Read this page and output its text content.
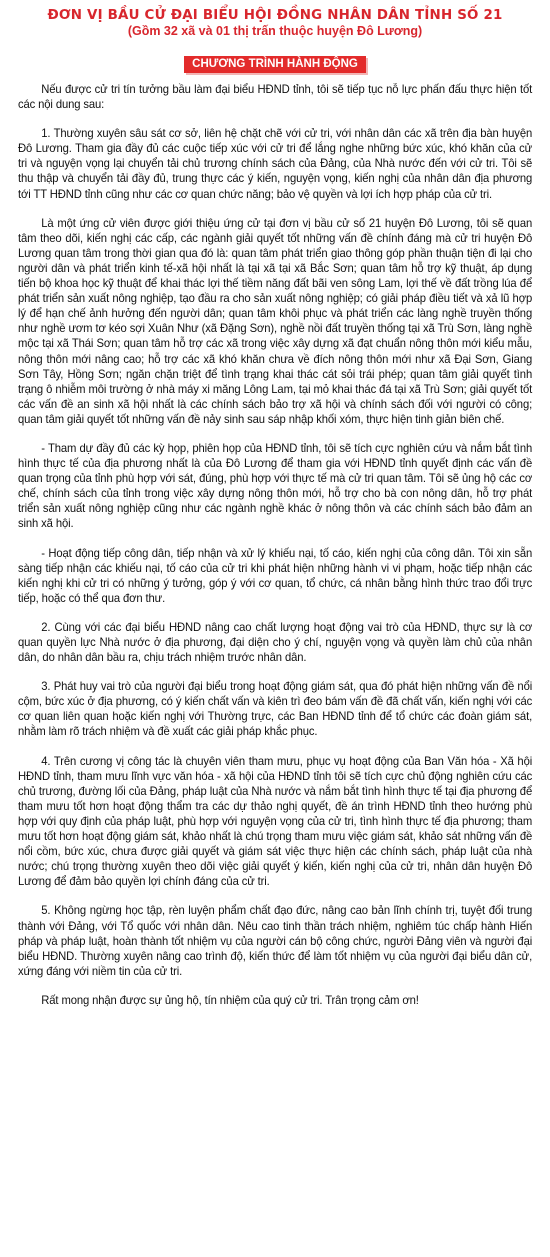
ĐƠN VỊ BẦU CỬ ĐẠI BIỂU HỘI ĐỒNG NHÂN DÂN TỈNH SỐ 21
(Gồm 32 xã và 01 thị trấn thuộc huyện Đô Lương)
CHƯƠNG TRÌNH HÀNH ĐỘNG

Nếu được cử tri tín tưởng bầu làm đại biểu HĐND tỉnh, tôi sẽ tiếp tục nỗ lực phấn đấu thực hiện tốt các nội dung sau:

1. Thường xuyên sâu sát cơ sở, liên hệ chặt chẽ với cử tri, với nhân dân các xã trên địa bàn huyện Đô Lương. Tham gia đầy đủ các cuộc tiếp xúc với cử tri để lắng nghe những bức xúc, khó khăn của cử tri và nguyện vọng lại chuyển tải chủ trương chính sách của Đảng, của Nhà nước đến với cử tri. Tôi sẽ thu thập và chuyển tải đầy đủ, trung thực các ý kiến, nguyện vọng, kiến nghị của nhân dân địa phương tới TT HĐND tỉnh cũng như các cơ quan chức năng; bảo vệ quyền và lợi ích hợp pháp của cử tri.

Là một ứng cử viên được giới thiệu ứng cử tại đơn vị bầu cử số 21 huyện Đô Lương, tôi sẽ quan tâm theo dõi, kiến nghị các cấp, các ngành giải quyết tốt những vấn đề chính đáng mà cử tri huyện Đô Lương quan tâm trong thời gian qua đó là: quan tâm phát triển giao thông góp phần thuận tiện đi lại cho người dân và phát triển kinh tế-xã hội nhất là tại xã tại xã Bắc Sơn; quan tâm hỗ trợ kỹ thuật, áp dụng tiến bộ khoa học kỹ thuật để khai thác lợi thế tiềm năng đất bãi ven sông Lam, lợi thế về đất trồng lúa để phát triển sản xuất nông nghiệp, tạo đầu ra cho sản xuất nông nghiệp; có giải pháp điều tiết và xả lũ hợp lý để hạn chế ảnh hưởng đến người dân; quan tâm khôi phục và phát triển các làng nghề truyền thống như nghề ươm tơ kéo sợi Xuân Như (xã Đặng Sơn), nghề nồi đất truyền thống tại xã Trù Sơn, làng nghề mộc tại xã Thái Sơn; quan tâm hỗ trợ các xã trong việc xây dựng xã đạt chuẩn nông thôn mới kiểu mẫu, nông thôn mới nâng cao; hỗ trợ các xã khó khăn chưa về đích nông thôn mới như xã Đại Sơn, Giang Sơn Tây, Hồng Sơn; ngăn chặn triệt để tình trạng khai thác cát sỏi trái phép; quan tâm giải quyết tình trạng ô nhiễm môi trường ở nhà máy xi măng Lông Lam, tại mỏ khai thác đá tại xã Trù Sơn; giải quyết tốt các vấn đề an sinh xã hội nhất là các chính sách bảo trợ xã hội và chính sách đối với người có công; quan tâm giải quyết tốt những vấn đề nảy sinh sau sáp nhập khối xóm, thực hiện tinh giản biên chế.

- Tham dự đầy đủ các kỳ họp, phiên họp của HĐND tỉnh, tôi sẽ tích cực nghiên cứu và nắm bắt tình hình thực tế của địa phương nhất là của Đô Lương để tham gia với HĐND tỉnh quyết định các vấn đề quan trọng của tỉnh phù hợp với sát, đúng, phù hợp với thực tế mà cử tri quan tâm. Tôi sẽ ủng hộ các cơ chế, chính sách của tỉnh trong việc xây dựng nông thôn mới, hỗ trợ cho bà con nông dân, hỗ trợ phát triển sản xuất nông nghiệp cũng như các ngành nghề khác ở nông thôn và các chính sách bảo đảm an sinh xã hội.

- Hoạt động tiếp công dân, tiếp nhận và xử lý khiếu nại, tố cáo, kiến nghị của công dân. Tôi xin sẵn sàng tiếp nhận các khiếu nại, tố cáo của cử tri khi phát hiện những hành vi vi phạm, hoặc tiếp nhận các kiến nghị khi cử tri có những ý tưởng, góp ý với cơ quan, tổ chức, cá nhân bằng hình thức trao đổi trực tiếp, hoặc có thể qua đơn thư.

2. Cùng với các đại biểu HĐND nâng cao chất lượng hoạt động vai trò của HĐND, thực sự là cơ quan quyền lực Nhà nước ở địa phương, đại diện cho ý chí, nguyện vọng và quyền làm chủ của nhân dân, do nhân dân bầu ra, chịu trách nhiệm trước nhân dân.

3. Phát huy vai trò của người đại biểu trong hoạt động giám sát, qua đó phát hiện những vấn đề nổi cộm, bức xúc ở địa phương, có ý kiến chất vấn và kiên trì đeo bám vấn đề đã chất vấn, kiến nghị với các cơ quan liên quan hoặc kiến nghị với Thường trực, các Ban HĐND tỉnh để tổ chức các đoàn giám sát, nhằm làm rõ trách nhiệm và đề xuất các giải pháp khắc phục.

4. Trên cương vị công tác là chuyên viên tham mưu, phục vụ hoạt động của Ban Văn hóa - Xã hội HĐND tỉnh, tham mưu lĩnh vực văn hóa - xã hội của HĐND tỉnh tôi sẽ tích cực chủ động nghiên cứu các chủ trương, đường lối của Đảng, pháp luật của Nhà nước và nắm bắt tình hình thực tế tại địa phương để tham mưu tốt hơn hoạt động thẩm tra các dự thảo nghị quyết, đề án trình HĐND tỉnh theo hướng phù hợp với quy định của pháp luật, phù hợp với nguyện vọng của cử tri, tình hình thực tế địa phương; tham mưu tốt hơn hoạt động giám sát, khảo nhất là chú trọng tham mưu việc giám sát, khảo sát những vấn đề nổi cồm, bức xúc, chưa được giải quyết và giám sát việc thực hiện các chính sách, pháp luật của nhà nước; chú trọng thường xuyên theo dõi việc giải quyết ý kiến, kiến nghị của cử tri, nhân dân huyện Đô Lương để đảm bảo quyền lợi chính đáng của cử tri.

5. Không ngừng học tập, rèn luyện phẩm chất đạo đức, nâng cao bản lĩnh chính trị, tuyệt đối trung thành với Đảng, với Tổ quốc với nhân dân. Nêu cao tinh thần trách nhiệm, nghiêm túc chấp hành Hiến pháp và pháp luật, hoàn thành tốt nhiệm vụ của người cán bộ công chức, người Đảng viên và người đại biểu HĐND. Thường xuyên nâng cao trình độ, kiến thức để làm tốt nhiệm vụ của người đại biểu dân cử, xứng đáng với niềm tin của cử tri.

Rất mong nhận được sự ủng hộ, tín nhiệm của quý cử tri. Trân trọng cảm ơn!
